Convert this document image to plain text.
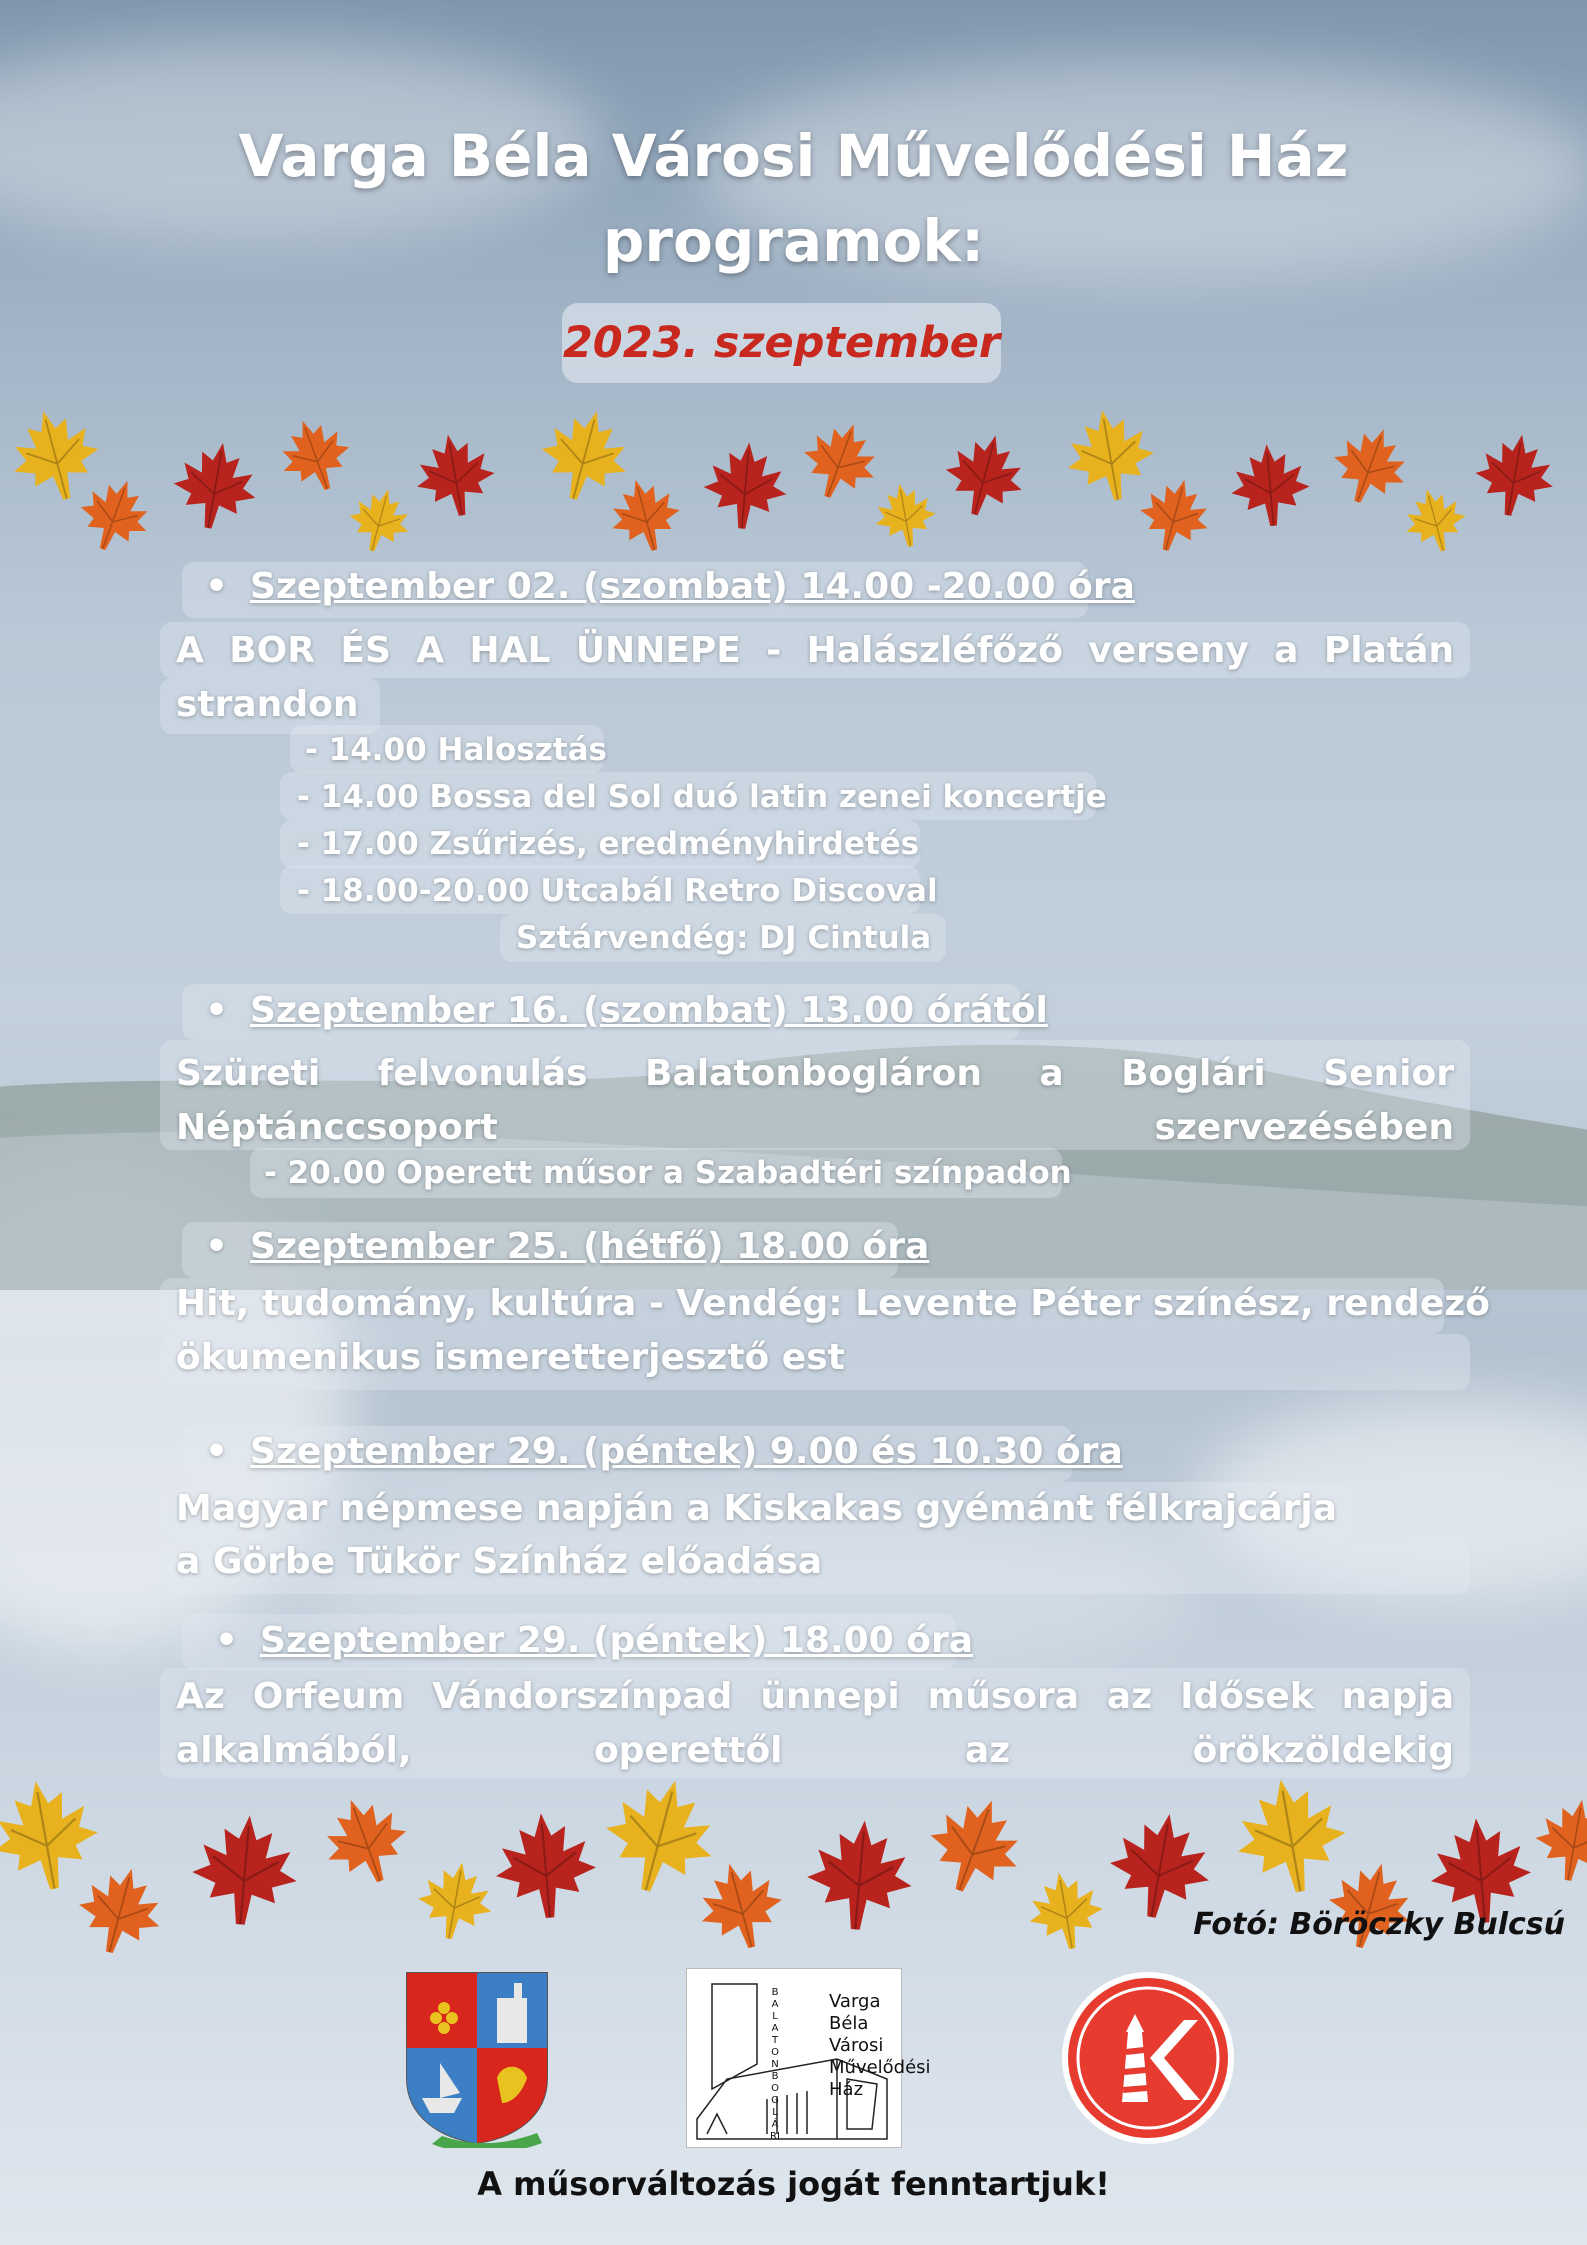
Varga Béla Városi Művelődési Ház
programok:
2023. szeptember
• Szeptember 02. (szombat) 14.00 -20.00 óra
A BOR ÉS A HAL ÜNNEPE - Halászléfőző verseny a Platán strandon
- 14.00 Halosztás
- 14.00 Bossa del Sol duó latin zenei koncertje
- 17.00 Zsűrizés, eredményhirdetés
- 18.00-20.00 Utcabál Retro Discoval
Sztárvendég: DJ Cintula
• Szeptember 16. (szombat) 13.00 órától
Szüreti felvonulás Balatonbogláron a Boglári Senior Néptánccsoport szervezésében
- 20.00 Operett műsor a Szabadtéri színpadon
• Szeptember 25. (hétfő) 18.00 óra
Hit, tudomány, kultúra - Vendég: Levente Péter színész, rendező
ökumenikus ismeretterjesztő est
• Szeptember 29. (péntek) 9.00 és 10.30 óra
Magyar népmese napján a Kiskakas gyémánt félkrajcárja
a Görbe Tükör Színház előadása
• Szeptember 29. (péntek) 18.00 óra
Az Orfeum Vándorszínpad ünnepi műsora az Idősek napja alkalmából, operettől az örökzöldekig
Fotó: Böröczky Bulcsú
BALATONBOGLÁRI
Varga
Béla
Városi
Művelődési
Ház
A műsorváltozás jogát fenntartjuk!
